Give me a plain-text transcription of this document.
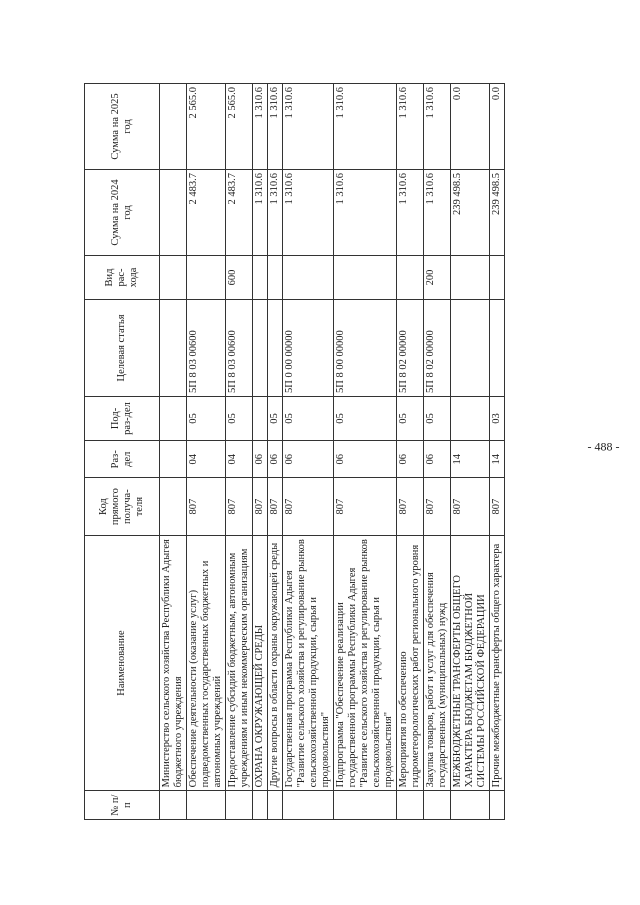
- 488 -
№ п/п	Наименование	Код прямого получа-теля	Раз-дел	Под-раз-дел	Целевая статья	Вид рас-хода	Сумма на 2024 год	Сумма на 2025 год
	Министерство сельского хозяйства Республики Адыгея бюджетного учреждения							
	Обеспечение деятельности (оказание услуг) подведомственных государственных бюджетных и автономных учреждений	807	04	05	5П 8 03 00600		2 483.7	2 565.0
	Предоставление субсидий бюджетным, автономным учреждениям и иным некоммерческим организациям	807	04	05	5П 8 03 00600	600	2 483.7	2 565.0
	ОХРАНА ОКРУЖАЮЩЕЙ СРЕДЫ	807	06				1 310.6	1 310.6
	Другие вопросы в области охраны окружающей среды	807	06	05			1 310.6	1 310.6
	Государственная программа Республики Адыгея "Развитие сельского хозяйства и регулирование рынков сельскохозяйственной продукции, сырья и продовольствия"	807	06	05	5П 0 00 00000		1 310.6	1 310.6
	Подпрограмма "Обеспечение реализации государственной программы Республики Адыгея "Развитие сельского хозяйства и регулирование рынков сельскохозяйственной продукции, сырья и продовольствия"	807	06	05	5П 8 00 00000		1 310.6	1 310.6
	Мероприятия по обеспечению гидрометеорологических работ регионального уровня	807	06	05	5П 8 02 00000		1 310.6	1 310.6
	Закупка товаров, работ и услуг для обеспечения государственных (муниципальных) нужд	807	06	05	5П 8 02 00000	200	1 310.6	1 310.6
	МЕЖБЮДЖЕТНЫЕ ТРАНСФЕРТЫ ОБЩЕГО ХАРАКТЕРА БЮДЖЕТАМ БЮДЖЕТНОЙ СИСТЕМЫ РОССИЙСКОЙ ФЕДЕРАЦИИ	807	14				239 498.5	0.0
	Прочие межбюджетные трансферты общего характера	807	14	03			239 498.5	0.0
